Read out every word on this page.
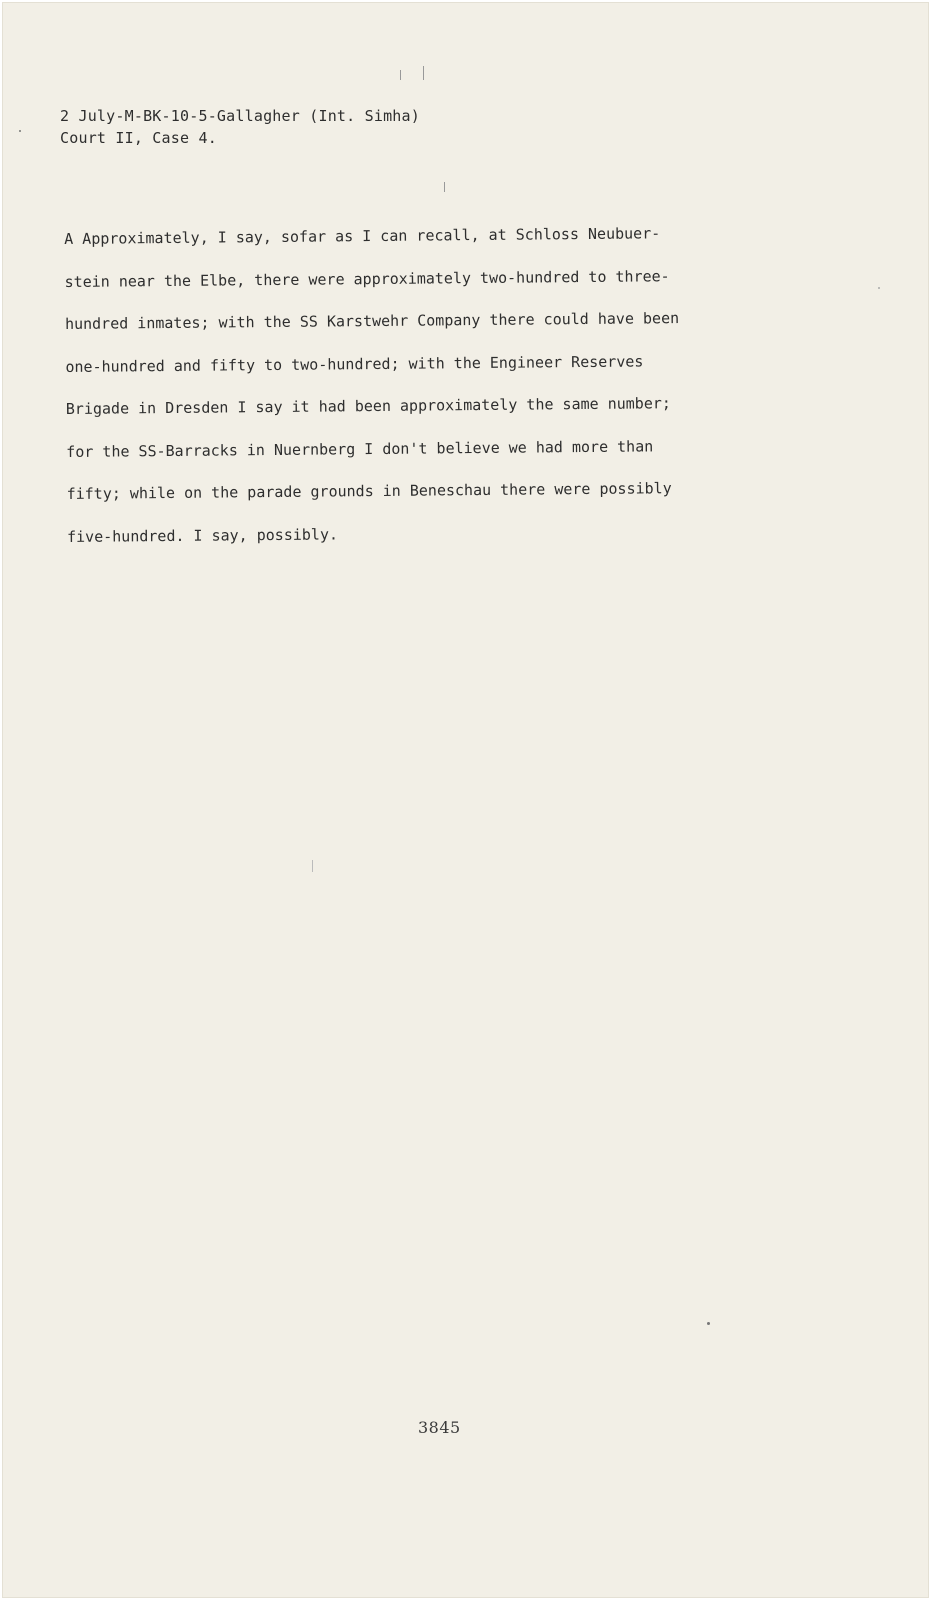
2 July-M-BK-10-5-Gallagher (Int. Simha)
Court II, Case 4.
A Approximately, I say, sofar as I can recall, at Schloss Neubuer-
stein near the Elbe, there were approximately two-hundred to three-
hundred inmates; with the SS Karstwehr Company there could have been
one-hundred and fifty to two-hundred; with the Engineer Reserves
Brigade in Dresden I say it had been approximately the same number;
for the SS-Barracks in Nuernberg I don't believe we had more than
fifty; while on the parade grounds in Beneschau there were possibly
five-hundred. I say, possibly.
3845
